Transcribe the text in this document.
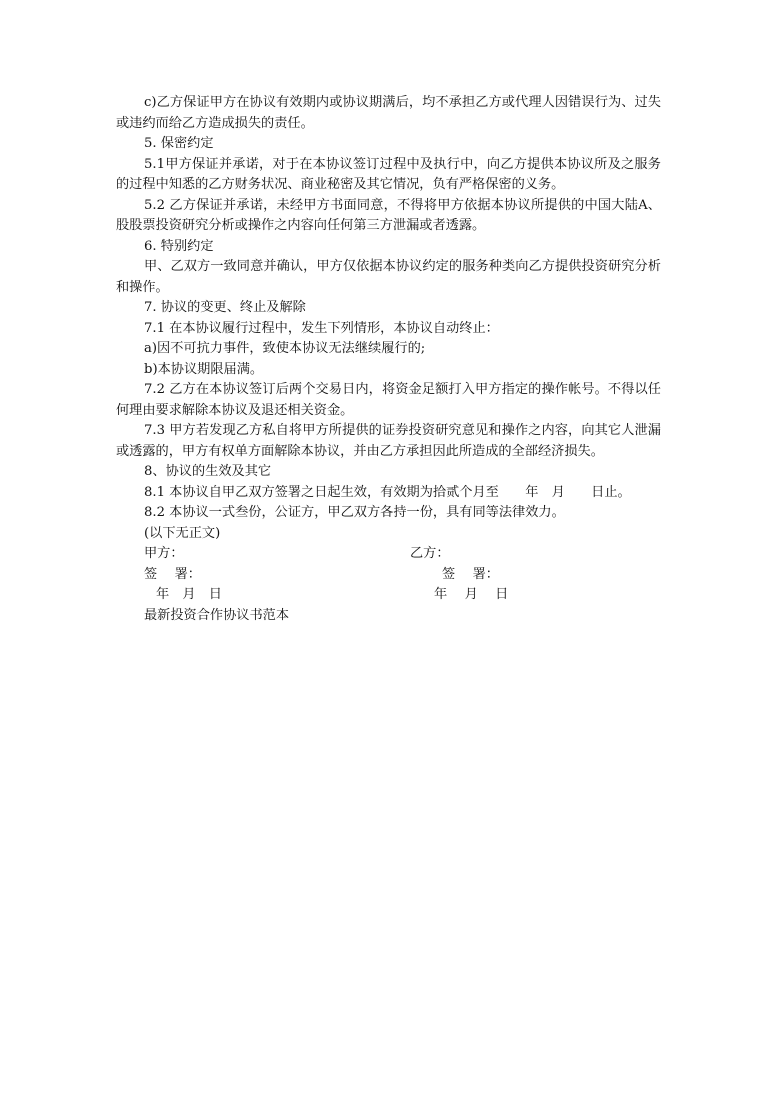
c)乙方保证甲方在协议有效期内或协议期满后，均不承担乙方或代理人因错误行为、过失或违约而给乙方造成损失的责任。

5. 保密约定

5.1甲方保证并承诺，对于在本协议签订过程中及执行中，向乙方提供本协议所及之服务的过程中知悉的乙方财务状况、商业秘密及其它情况，负有严格保密的义务。

5.2 乙方保证并承诺，未经甲方书面同意，不得将甲方依据本协议所提供的中国大陆A、股股票投资研究分析或操作之内容向任何第三方泄漏或者透露。

6. 特别约定

甲、乙双方一致同意并确认，甲方仅依据本协议约定的服务种类向乙方提供投资研究分析和操作。

7. 协议的变更、终止及解除

7.1 在本协议履行过程中，发生下列情形，本协议自动终止：

a)因不可抗力事件，致使本协议无法继续履行的;

b)本协议期限届满。

7.2 乙方在本协议签订后两个交易日内，将资金足额打入甲方指定的操作帐号。不得以任何理由要求解除本协议及退还相关资金。

7.3 甲方若发现乙方私自将甲方所提供的证券投资研究意见和操作之内容，向其它人泄漏或透露的，甲方有权单方面解除本协议，并由乙方承担因此所造成的全部经济损失。

8、协议的生效及其它

8.1 本协议自甲乙双方签署之日起生效，有效期为拾贰个月至　　年　月　　日止。

8.2 本协议一式叁份，公证方，甲乙双方各持一份，具有同等法律效力。

(以下无正文)

甲方：

	乙方：

签　 署：

	签　 署：

年　月　日

	年　 月　 日

最新投资合作协议书范本
